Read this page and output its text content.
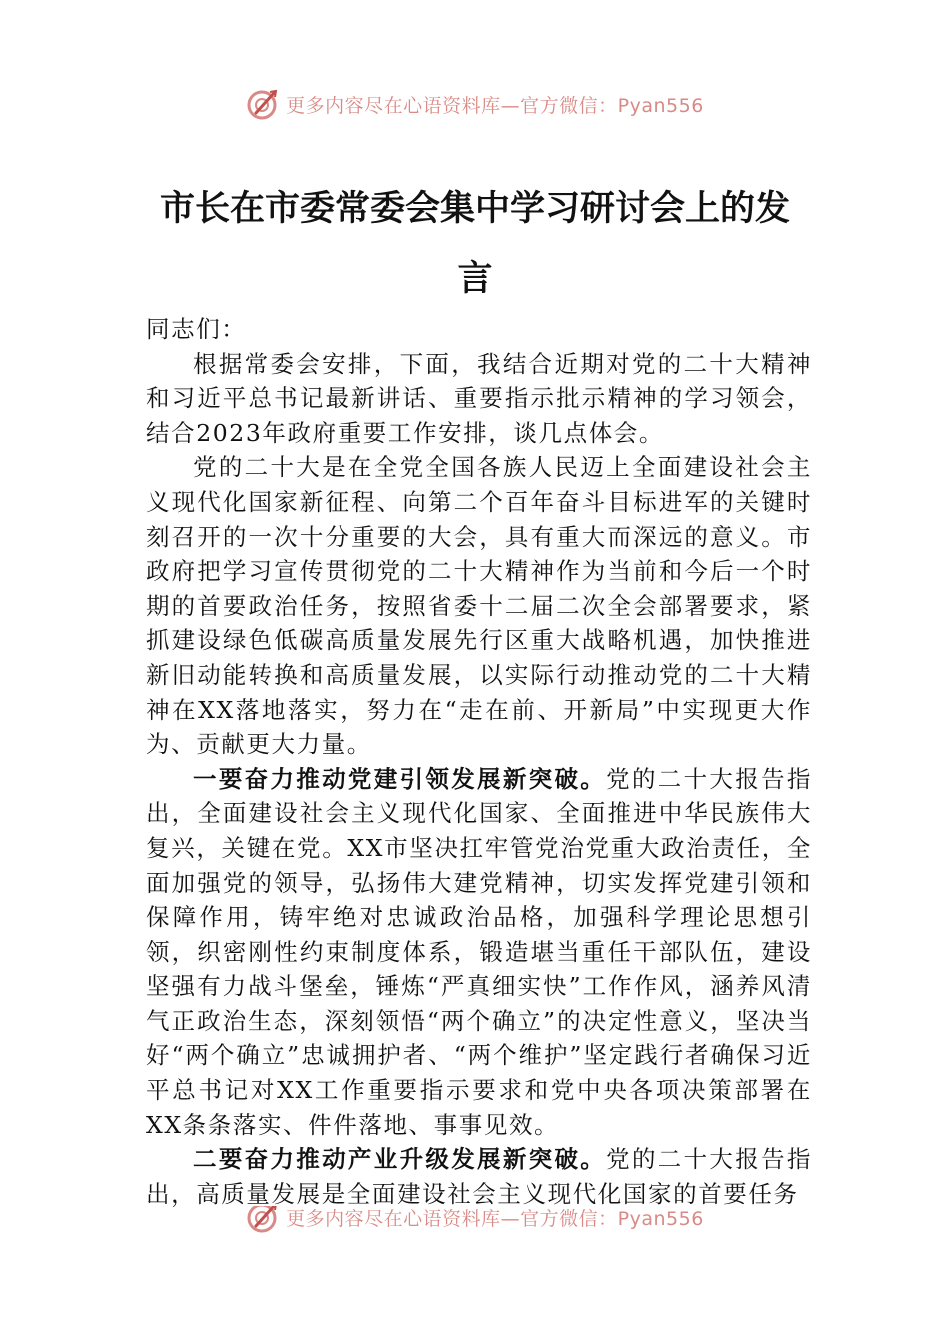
更多内容尽在心语资料库—官方微信：Pyan556
市长在市委常委会集中学习研讨会上的发
言

同志们：

根据常委会安排，下面，我结合近期对党的二十大精神和习近平总书记最新讲话、重要指示批示精神的学习领会，结合2023年政府重要工作安排，谈几点体会。

党的二十大是在全党全国各族人民迈上全面建设社会主义现代化国家新征程、向第二个百年奋斗目标进军的关键时刻召开的一次十分重要的大会，具有重大而深远的意义。市政府把学习宣传贯彻党的二十大精神作为当前和今后一个时期的首要政治任务，按照省委十二届二次全会部署要求，紧抓建设绿色低碳高质量发展先行区重大战略机遇，加快推进新旧动能转换和高质量发展，以实际行动推动党的二十大精神在XX落地落实，努力在“走在前、开新局”中实现更大作为、贡献更大力量。

一要奋力推动党建引领发展新突破。党的二十大报告指出，全面建设社会主义现代化国家、全面推进中华民族伟大复兴，关键在党。XX市坚决扛牢管党治党重大政治责任，全面加强党的领导，弘扬伟大建党精神，切实发挥党建引领和保障作用，铸牢绝对忠诚政治品格，加强科学理论思想引领，织密刚性约束制度体系，锻造堪当重任干部队伍，建设坚强有力战斗堡垒，锤炼“严真细实快”工作作风，涵养风清气正政治生态，深刻领悟“两个确立”的决定性意义，坚决当好“两个确立”忠诚拥护者、“两个维护”坚定践行者确保习近平总书记对XX工作重要指示要求和党中央各项决策部署在XX条条落实、件件落地、事事见效。

二要奋力推动产业升级发展新突破。党的二十大报告指出，高质量发展是全面建设社会主义现代化国家的首要任务

更多内容尽在心语资料库—官方微信：Pyan556
